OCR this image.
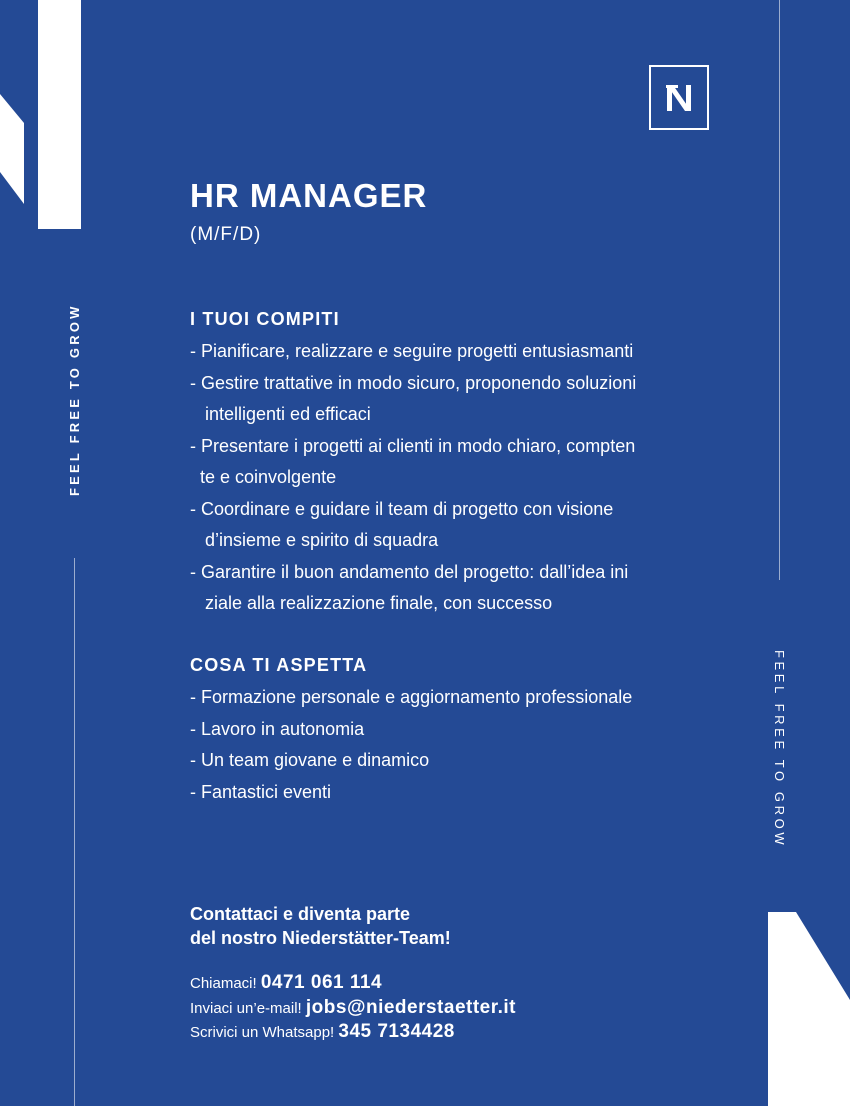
FEEL FREE TO GROW
FEEL FREE TO GROW
HR MANAGER
(M/F/D)
I TUOI COMPITI
- Pianificare, realizzare e seguire progetti entusiasmanti
- Gestire trattative in modo sicuro, proponendo soluzioni
intelligenti ed efficaci
- Presentare i progetti ai clienti in modo chiaro, compten
te e coinvolgente
- Coordinare e guidare il team di progetto con visione
d’insieme e spirito di squadra
- Garantire il buon andamento del progetto: dall’idea ini
ziale alla realizzazione finale, con successo
COSA TI ASPETTA
- Formazione personale e aggiornamento professionale
- Lavoro in autonomia
- Un team giovane e dinamico
- Fantastici eventi
Contattaci e diventa parte
del nostro Niederstätter-Team!
Chiamaci! 0471 061 114
Inviaci un’e-mail! jobs@niederstaetter.it
Scrivici un Whatsapp! 345 7134428
